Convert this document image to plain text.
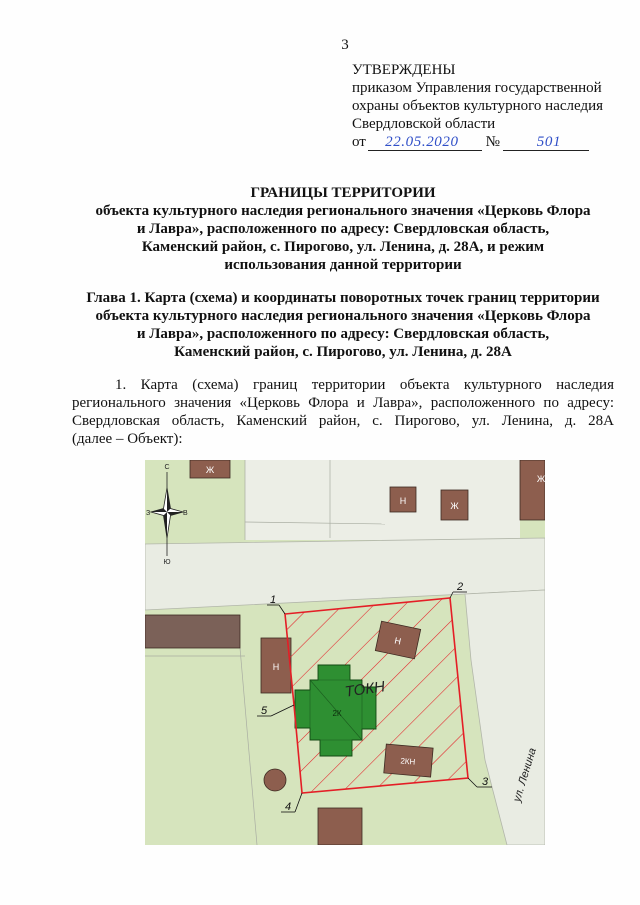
3
УТВЕРЖДЕНЫ
приказом Управления государственной
охраны объектов культурного наследия
Свердловской области
от 22.05.2020 № 501
ГРАНИЦЫ ТЕРРИТОРИИ
объекта культурного наследия регионального значения «Церковь Флора
и Лавра», расположенного по адресу: Свердловская область,
Каменский район, с. Пирогово, ул. Ленина, д. 28А, и режим
использования данной территории
Глава 1. Карта (схема) и координаты поворотных точек границ территории
объекта культурного наследия регионального значения «Церковь Флора
и Лавра», расположенного по адресу: Свердловская область,
Каменский район, с. Пирогово, ул. Ленина, д. 28А
1. Карта (схема) границ территории объекта культурного наследия
регионального значения «Церковь Флора и Лавра», расположенного по адресу:
Свердловская область, Каменский район, с. Пирогово, ул. Ленина, д. 28А
(далее – Объект):
С
З	В
Ю
Ж
Н	Ж
Ж
Н
Н
2КН
2К
ТОКН
1
2
3
4
5
ул. Ленина
